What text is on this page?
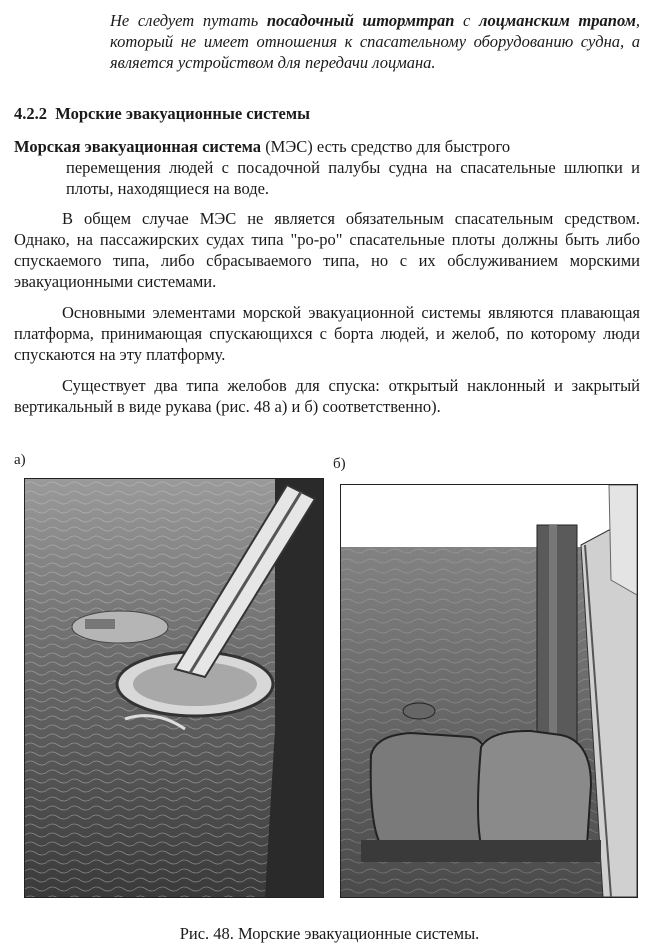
Не следует путать посадочный штормтрап с лоцманским трапом, который не имеет отношения к спасательному оборудованию судна, а является устройством для передачи лоцмана.
4.2.2 Морские эвакуационные системы
Морская эвакуационная система (МЭС) есть средство для быстрого
перемещения людей с посадочной палубы судна на спасательные шлюпки и плоты, находящиеся на воде.
В общем случае МЭС не является обязательным спасательным средством. Однако, на пассажирских судах типа "ро-ро" спасательные плоты должны быть либо спускаемого типа, либо сбрасываемого типа, но с их обслуживанием морскими эвакуационными системами.
Основными элементами морской эвакуационной системы являются плавающая платформа, принимающая спускающихся с борта людей, и желоб, по которому люди спускаются на эту платформу.
Существует два типа желобов для спуска: открытый наклонный и закрытый вертикальный в виде рукава (рис. 48 а) и б) соответственно).
а)	б)
Рис. 48. Морские эвакуационные системы.
